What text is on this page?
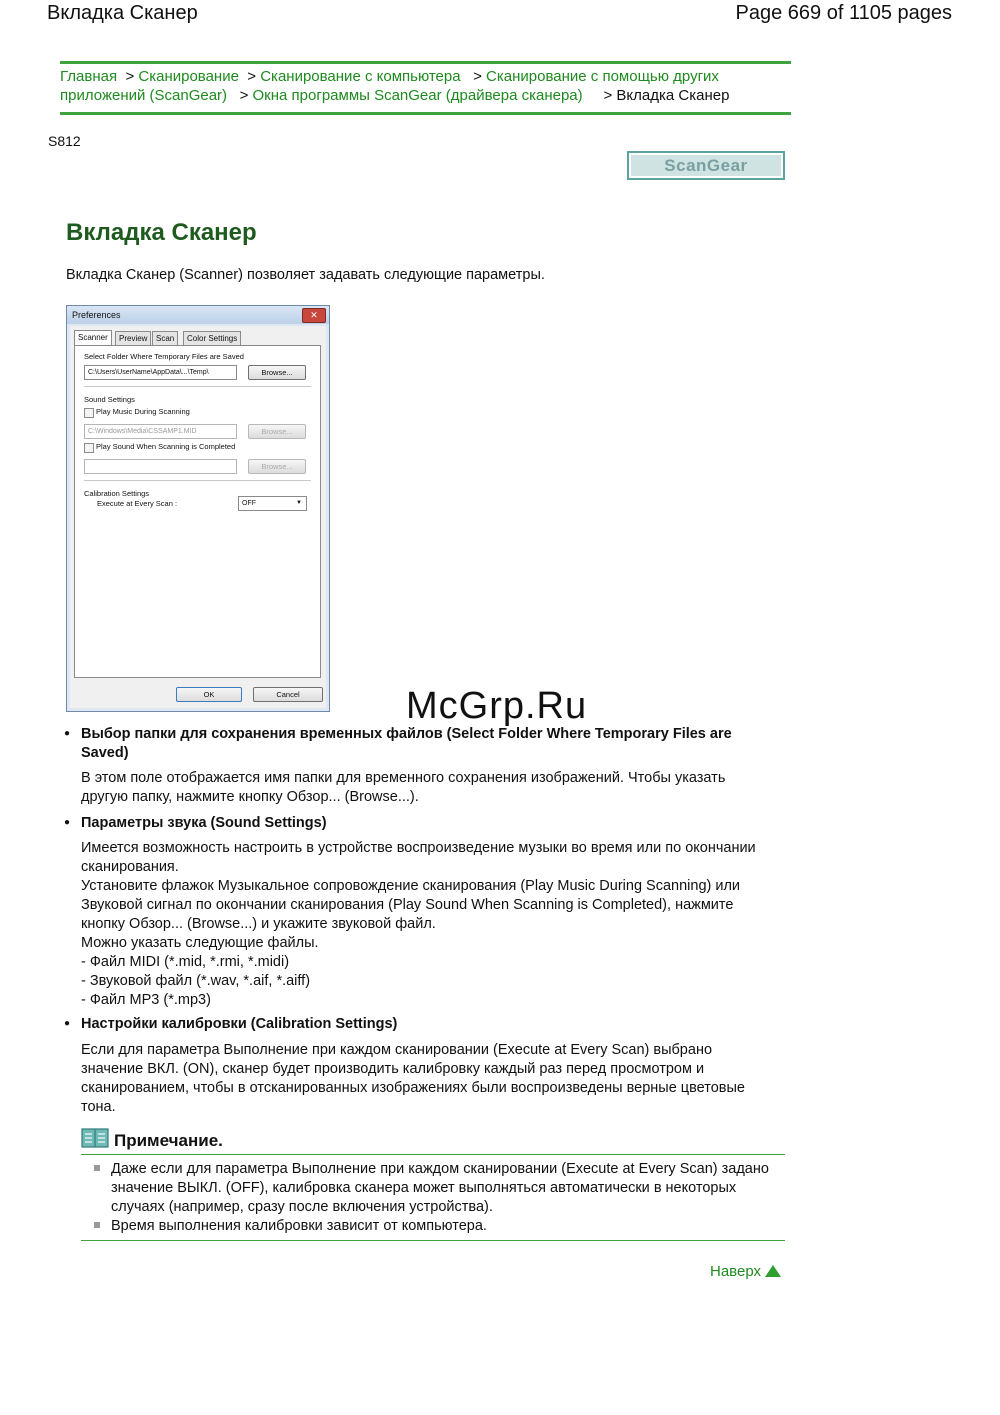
Вкладка Сканер	Page 669 of 1105 pages
Главная > Сканирование > Сканирование с компьютера > Сканирование с помощью других приложений (ScanGear) > Окна программы ScanGear (драйвера сканера) > Вкладка Сканер
S812
ScanGear
Вкладка Сканер
Вкладка Сканер (Scanner) позволяет задавать следующие параметры.
Preferences	✕
Scanner	Preview	Scan	Color Settings
Select Folder Where Temporary Files are Saved
C:\Users\UserName\AppData\...\Temp\	Browse...
Sound Settings
Play Music During Scanning
C:\Windows\Media\CSSAMP1.MID	Browse...
Play Sound When Scanning is Completed
Browse...
Calibration Settings
Execute at Every Scan :	OFF	▼
OK	Cancel	McGrp.Ru
● Выбор папки для сохранения временных файлов (Select Folder Where Temporary Files are Saved)
В этом поле отображается имя папки для временного сохранения изображений. Чтобы указать другую папку, нажмите кнопку Обзор... (Browse...).
● Параметры звука (Sound Settings)
Имеется возможность настроить в устройстве воспроизведение музыки во время или по окончании сканирования.
Установите флажок Музыкальное сопровождение сканирования (Play Music During Scanning) или Звуковой сигнал по окончании сканирования (Play Sound When Scanning is Completed), нажмите кнопку Обзор... (Browse...) и укажите звуковой файл.
Можно указать следующие файлы.
- Файл MIDI (*.mid, *.rmi, *.midi)
- Звуковой файл (*.wav, *.aif, *.aiff)
- Файл MP3 (*.mp3)
● Настройки калибровки (Calibration Settings)
Если для параметра Выполнение при каждом сканировании (Execute at Every Scan) выбрано значение ВКЛ. (ON), сканер будет производить калибровку каждый раз перед просмотром и сканированием, чтобы в отсканированных изображениях были воспроизведены верные цветовые тона.
Примечание.
Даже если для параметра Выполнение при каждом сканировании (Execute at Every Scan) задано значение ВЫКЛ. (OFF), калибровка сканера может выполняться автоматически в некоторых случаях (например, сразу после включения устройства).
Время выполнения калибровки зависит от компьютера.
Наверх
